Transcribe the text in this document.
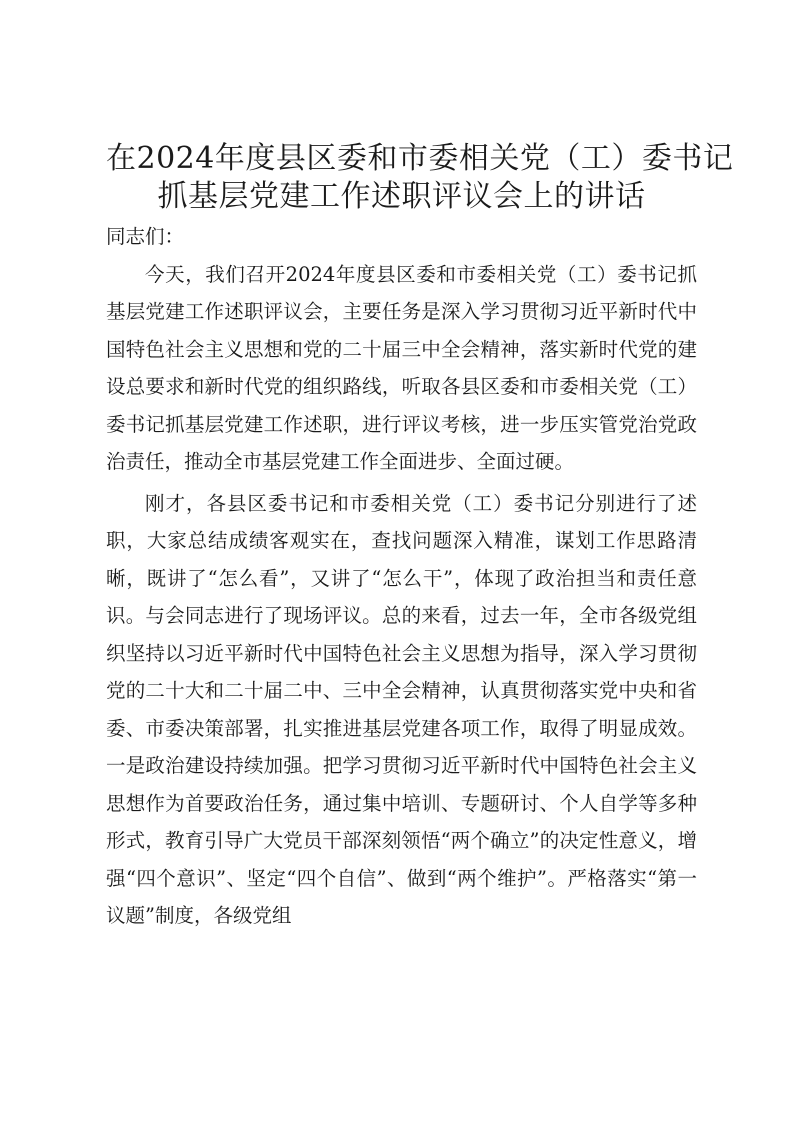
在2024年度县区委和市委相关党（工）委书记
抓基层党建工作述职评议会上的讲话

同志们：

今天，我们召开2024年度县区委和市委相关党（工）委书记抓基层党建工作述职评议会，主要任务是深入学习贯彻习近平新时代中国特色社会主义思想和党的二十届三中全会精神，落实新时代党的建设总要求和新时代党的组织路线，听取各县区委和市委相关党（工）委书记抓基层党建工作述职，进行评议考核，进一步压实管党治党政治责任，推动全市基层党建工作全面进步、全面过硬。

刚才，各县区委书记和市委相关党（工）委书记分别进行了述职，大家总结成绩客观实在，查找问题深入精准，谋划工作思路清晰，既讲了“怎么看”，又讲了“怎么干”，体现了政治担当和责任意识。与会同志进行了现场评议。总的来看，过去一年，全市各级党组织坚持以习近平新时代中国特色社会主义思想为指导，深入学习贯彻党的二十大和二十届二中、三中全会精神，认真贯彻落实党中央和省委、市委决策部署，扎实推进基层党建各项工作，取得了明显成效。一是政治建设持续加强。把学习贯彻习近平新时代中国特色社会主义思想作为首要政治任务，通过集中培训、专题研讨、个人自学等多种形式，教育引导广大党员干部深刻领悟“两个确立”的决定性意义，增强“四个意识”、坚定“四个自信”、做到“两个维护”。严格落实“第一议题”制度，各级党组
